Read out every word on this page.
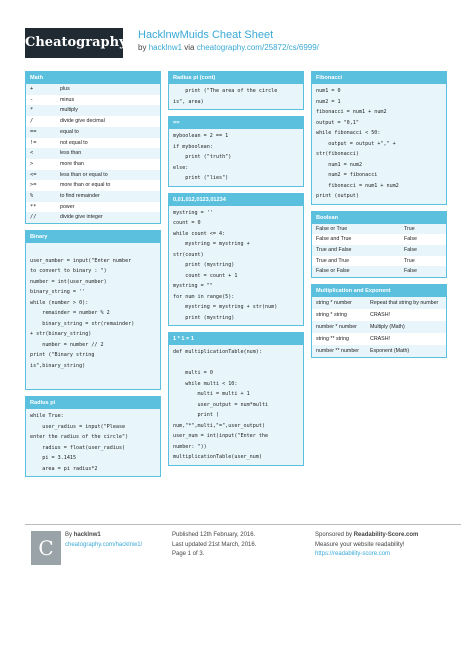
Cheatography HacklnwMuids Cheat Sheet
by hacklnw1 via cheatography.com/25872/cs/6999/
Math
+	plus
-	minus
*	multiply
/	divide give decimal
==	equal to
!=	not equal to
<	less than
>	more than
<=	less than or equal to
>=	more than or equal to
%	to find remainder
**	power
//	divide give integer
Binary

user_number = input("Enter number
to convert to binary : ")
number = int(user_number)
binary_string = ''
while (number > 0):
remainder = number % 2
binary_string = str(remainder)
+ str(binary_string)
number = number // 2
print ("Binary string
is",binary_string)
Radius pi
while True:
user_radius = input("Please
enter the radius of the circle")
radius = float(user_radius)
pi = 3.1415
area = pi radius*2
Radius pi (cont)
print ("The area of the circle
is", area)
==
myboolean = 2 == 1
if myboolean:
print ("truth")
else:
print ("lies")
0,01,012,0123,01234
mystring = ''
count = 0
while count <= 4:
mystring = mystring +
str(count)
print (mystring)
count = count + 1
mystring = ""
for num in range(5):
mystring = mystring + str(num)
print (mystring)
1 * 1 = 1
def multiplicationTable(num):

multi = 0
while multi < 10:
multi = multi + 1
user_output = num*multi
print (
num,"*",multi,"=",user_output)
user_num = int(input("Enter the
number: "))
multiplicationTable(user_num)
Fibonacci
num1 = 0
num2 = 1
fibonacci = num1 + num2
output = "0,1"
while fibonacci < 50:
output = output +"," +
str(fibonacci)
num1 = num2
num2 = fibonacci
fibonacci = num1 + num2
print (output)
Boolean
False or True	True
False and True	False
True and False	False
True and True	True
False or False	False
Multiplication and Exponent
string * number	Repeat that string by number
string * string	CRASH!
number * number	Multiply (Math)
string ** string	CRASH!
number ** number	Exponent (Math)
C
By hacklnw1
cheatography.com/hacklnw1/
Published 12th February, 2016.
Last updated 21st March, 2016.
Page 1 of 3.
Sponsored by Readability-Score.com
Measure your website readability!
https://readability-score.com
